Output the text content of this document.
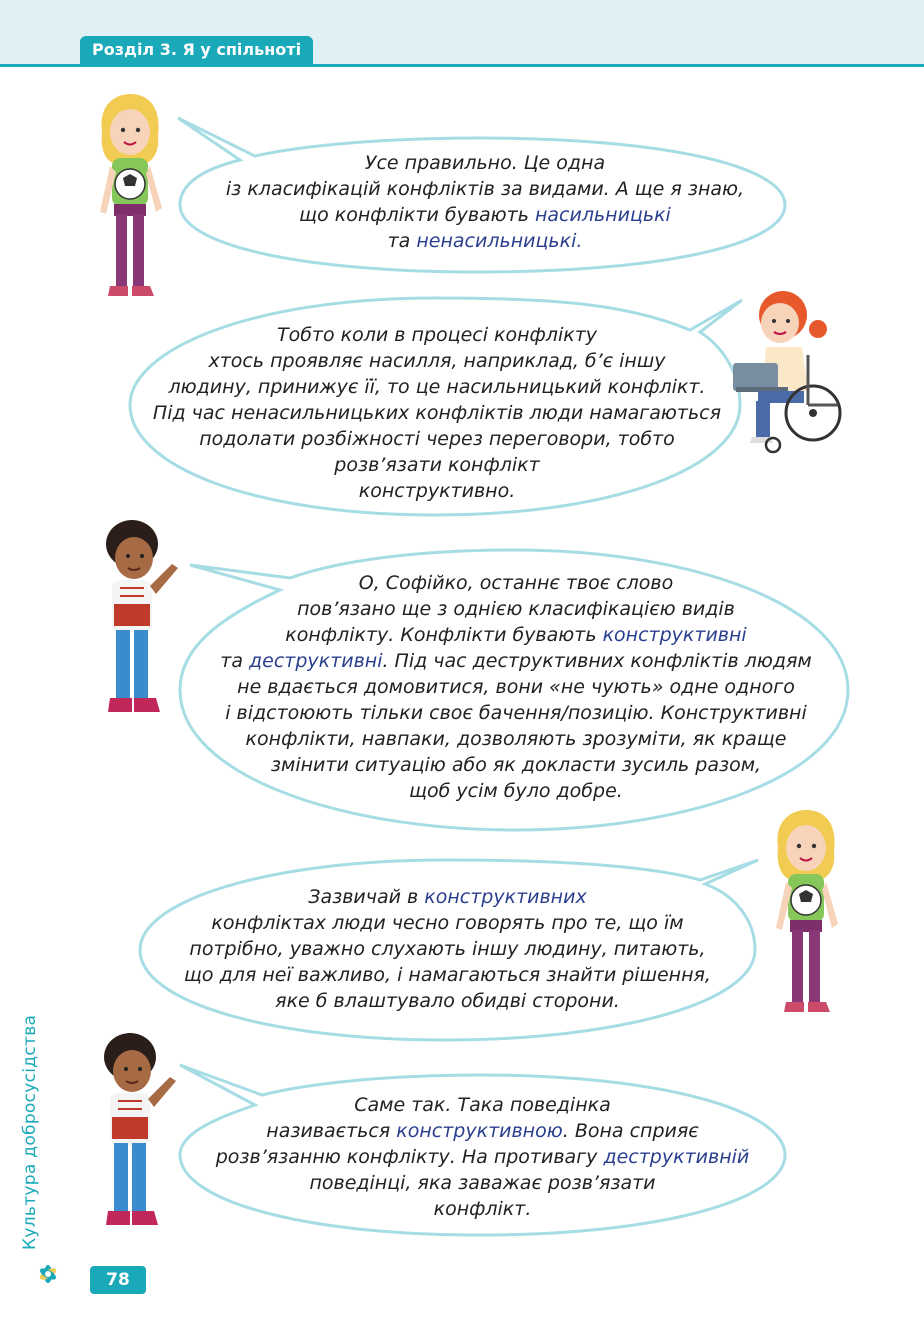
Розділ 3. Я у спільноті
Усе правильно. Це одна
із класифікацій конфліктів за видами. А ще я знаю,
що конфлікти бувають насильницькі
та ненасильницькі.
Тобто коли в процесі конфлікту
хтось проявляє насилля, наприклад, б’є іншу
людину, принижує її, то це насильницький конфлікт.
Під час ненасильницьких конфліктів люди намагаються
подолати розбіжності через переговори, тобто
розв’язати конфлікт
конструктивно.
О, Софійко, останнє твоє слово
пов’язано ще з однією класифікацією видів
конфлікту. Конфлікти бувають конструктивні
та деструктивні. Під час деструктивних конфліктів людям
не вдається домовитися, вони «не чують» одне одного
і відстоюють тільки своє бачення/позицію. Конструктивні
конфлікти, навпаки, дозволяють зрозуміти, як краще
змінити ситуацію або як докласти зусиль разом,
щоб усім було добре.
Зазвичай в конструктивних
конфліктах люди чесно говорять про те, що їм
потрібно, уважно слухають іншу людину, питають,
що для неї важливо, і намагаються знайти рішення,
яке б влаштувало обидві сторони.
Саме так. Така поведінка
називається конструктивною. Вона сприяє
розв’язанню конфлікту. На противагу деструктивній
поведінці, яка заважає розв’язати
конфлікт.
Культура добросусідства
78
